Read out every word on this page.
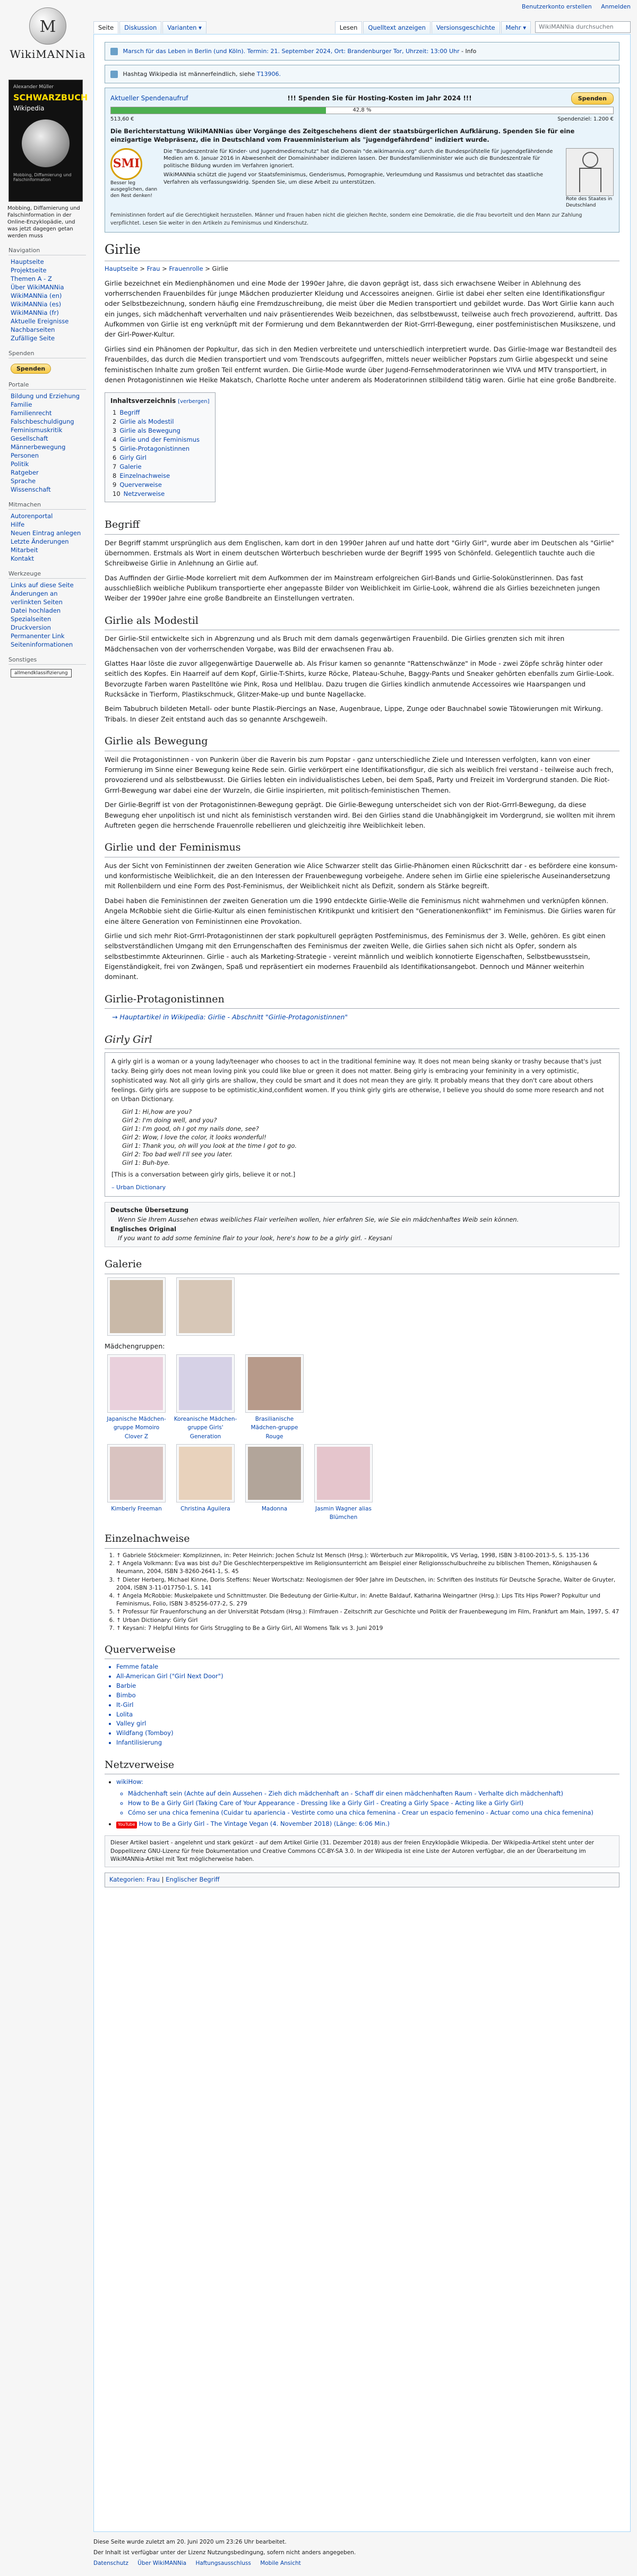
Benutzerkonto erstellen Anmelden
M
WikiMANNia
Alexander Müller
SCHWARZBUCH
Wikipedia
Mobbing, Diffamierung und Falschinformation
Mobbing, Diffamierung und Falschinformation in der Online-Enzyklopädie, und was jetzt dagegen getan werden muss
Navigation
Hauptseite
Projektseite
Themen A - Z
Über WikiMANNia
WikiMANNia (en)
WikiMANNia (es)
WikiMANNia (fr)
Aktuelle Ereignisse
Nachbarseiten
Zufällige Seite
Spenden
Spenden
Portale
Bildung und Erziehung
Familie
Familienrecht
Falschbeschuldigung
Feminismuskritik
Gesellschaft
Männerbewegung
Personen
Politik
Ratgeber
Sprache
Wissenschaft
Mitmachen
Autorenportal
Hilfe
Neuen Eintrag anlegen
Letzte Änderungen
Mitarbeit
Kontakt
Werkzeuge
Links auf diese Seite
Änderungen an verlinkten Seiten
Datei hochladen
Spezialseiten
Druckversion
Permanenter Link
Seiteninformationen
Sonstiges
allmendklassifizierung
Seite	Diskussion	Varianten ▾	Lesen	Quelltext anzeigen	Versionsgeschichte	Mehr ▾	WikiMANNia durchsuchen
Marsch für das Leben in Berlin (und Köln). Termin: 21. September 2024, Ort: Brandenburger Tor, Uhrzeit: 13:00 Uhr - Info
Hashtag Wikipedia ist männerfeindlich, siehe T13906.
Aktueller Spendenaufruf	!!! Spenden Sie für Hosting-Kosten im Jahr 2024 !!!	Spenden
42,8 %
513,60 €	Spendenziel: 1.200 €
Die Berichterstattung WikiMANNias über Vorgänge des Zeitgeschehens dient der staatsbürgerlichen Aufklärung. Spenden Sie für eine einzigartige Webpräsenz, die in Deutschland vom Frauenministerium als "jugendgefährdend" indiziert wurde.
SMI
Besser leg ausgeglichen, dann den Rest denken!
Die "Bundeszentrale für Kinder- und Jugendmedienschutz" hat die Domain "de.wikimannia.org" durch die Bundesprüfstelle für jugendgefährdende Medien am 6. Januar 2016 in Abwesenheit der Domaininhaber indizieren lassen. Der Bundesfamilienminister wie auch die Bundeszentrale für politische Bildung wurden im Verfahren ignoriert.
WikiMANNia schützt die Jugend vor Staatsfeminismus, Genderismus, Pornographie, Verleumdung und Rassismus und betrachtet das staatliche Verfahren als verfassungswidrig. Spenden Sie, um diese Arbeit zu unterstützen.
Rote des Staates in Deutschland
Feministinnen fordert auf die Gerechtigkeit herzustellen. Männer und Frauen haben nicht die gleichen Rechte, sondern eine Demokratie, die die Frau bevorteilt und den Mann zur Zahlung verpflichtet. Lesen Sie weiter in den Artikeln zu Feminismus und Kinderschutz.
Girlie
Hauptseite > Frau > Frauenrolle > Girlie

Girlie bezeichnet ein Medienphänomen und eine Mode der 1990er Jahre, die davon geprägt ist, dass sich erwachsene Weiber in Ablehnung des vorherrschenden Frauenbildes für junge Mädchen produzierter Kleidung und Accessoires aneignen. Girlie ist dabei eher selten eine Identifikationsfigur oder Selbstbezeichnung, sondern häufig eine Fremdzuschreibung, die meist über die Medien transportiert und gebildet wurde. Das Wort Girlie kann auch ein junges, sich mädchenhaft ververhalten und naiv präsentierendes Weib bezeichnen, das selbstbewusst, teilweise auch frech provozierend, auftritt. Das Aufkommen von Girlie ist eng verknüpft mit der Formierung und dem Bekanntwerden der Riot-Grrrl-Bewegung, einer postfeministischen Musikszene, und der Girl-Power-Kultur.

Girlies sind ein Phänomen der Popkultur, das sich in den Medien verbreitete und unterschiedlich interpretiert wurde. Das Girlie-Image war Bestandteil des Frauenbildes, das durch die Medien transportiert und vom Trendscouts aufgegriffen, mittels neuer weiblicher Popstars zum Girlie abgespeckt und seine feministischen Inhalte zum großen Teil entfernt wurden. Die Girlie-Mode wurde über Jugend-Fernsehmoderatorinnen wie VIVA und MTV transportiert, in denen Protagonistinnen wie Heike Makatsch, Charlotte Roche unter anderem als Moderatorinnen stilbildend tätig waren. Girlie hat eine große Bandbreite.

Inhaltsverzeichnis [verbergen]
1 Begriff
2 Girlie als Modestil
3 Girlie als Bewegung
4 Girlie und der Feminismus
5 Girlie-Protagonistinnen
6 Girly Girl
7 Galerie
8 Einzelnachweise
9 Querverweise
10 Netzverweise
Begriff

Der Begriff stammt ursprünglich aus dem Englischen, kam dort in den 1990er Jahren auf und hatte dort "Girly Girl", wurde aber im Deutschen als "Girlie" übernommen. Erstmals als Wort in einem deutschen Wörterbuch beschrieben wurde der Begriff 1995 von Schönfeld. Gelegentlich tauchte auch die Schreibweise Girlie in Anlehnung an Girlie auf.

Das Auffinden der Girlie-Mode korreliert mit dem Aufkommen der im Mainstream erfolgreichen Girl-Bands und Girlie-Solokünstlerinnen. Das fast ausschließlich weibliche Publikum transportierte eher angepasste Bilder von Weiblichkeit im Girlie-Look, während die als Girlies bezeichneten jungen Weiber der 1990er Jahre eine große Bandbreite an Einstellungen vertraten.

Girlie als Modestil

Der Girlie-Stil entwickelte sich in Abgrenzung und als Bruch mit dem damals gegenwärtigen Frauenbild. Die Girlies grenzten sich mit ihren Mädchensachen von der vorherrschenden Vorgabe, was Bild der erwachsenen Frau ab.

Glattes Haar löste die zuvor allgegenwärtige Dauerwelle ab. Als Frisur kamen so genannte "Rattenschwänze" in Mode - zwei Zöpfe schräg hinter oder seitlich des Kopfes. Ein Haarreif auf dem Kopf, Girlie-T-Shirts, kurze Röcke, Plateau-Schuhe, Baggy-Pants und Sneaker gehörten ebenfalls zum Girlie-Look. Bevorzugte Farben waren Pastelltöne wie Pink, Rosa und Hellblau. Dazu trugen die Girlies kindlich anmutende Accessoires wie Haarspangen und Rucksäcke in Tierform, Plastikschmuck, Glitzer-Make-up und bunte Nagellacke.

Beim Tabubruch bildeten Metall- oder bunte Plastik-Piercings an Nase, Augenbraue, Lippe, Zunge oder Bauchnabel sowie Tätowierungen mit Wirkung. Tribals. In dieser Zeit entstand auch das so genannte Arschgeweih.

Girlie als Bewegung

Weil die Protagonistinnen - von Punkerin über die Raverin bis zum Popstar - ganz unterschiedliche Ziele und Interessen verfolgten, kann von einer Formierung im Sinne einer Bewegung keine Rede sein. Girlie verkörpert eine Identifikationsfigur, die sich als weiblich frei verstand - teilweise auch frech, provozierend und als selbstbewusst. Die Girlies lebten ein individualistisches Leben, bei dem Spaß, Party und Freizeit im Vordergrund standen. Die Riot-Grrrl-Bewegung war dabei eine der Wurzeln, die Girlie inspirierten, mit politisch-feministischen Themen.

Der Girlie-Begriff ist von der Protagonistinnen-Bewegung geprägt. Die Girlie-Bewegung unterscheidet sich von der Riot-Grrrl-Bewegung, da diese Bewegung eher unpolitisch ist und nicht als feministisch verstanden wird. Bei den Girlies stand die Unabhängigkeit im Vordergrund, sie wollten mit ihrem Auftreten gegen die herrschende Frauenrolle rebellieren und gleichzeitig ihre Weiblichkeit leben.

Girlie und der Feminismus

Aus der Sicht von Feministinnen der zweiten Generation wie Alice Schwarzer stellt das Girlie-Phänomen einen Rückschritt dar - es befördere eine konsum- und konformistische Weiblichkeit, die an den Interessen der Frauenbewegung vorbeigehe. Andere sehen im Girlie eine spielerische Auseinandersetzung mit Rollenbildern und eine Form des Post-Feminismus, der Weiblichkeit nicht als Defizit, sondern als Stärke begreift.

Dabei haben die Feministinnen der zweiten Generation um die 1990 entdeckte Girlie-Welle die Feminismus nicht wahrnehmen und verknüpfen können. Angela McRobbie sieht die Girlie-Kultur als einen feministischen Kritikpunkt und kritisiert den "Generationenkonflikt" im Feminismus. Die Girlies waren für eine ältere Generation von Feministinnen eine Provokation.

Girlie und sich mehr Riot-Grrrl-Protagonistinnen der stark popkulturell geprägten Postfeminismus, des Feminismus der 3. Welle, gehören. Es gibt einen selbstverständlichen Umgang mit den Errungenschaften des Feminismus der zweiten Welle, die Girlies sahen sich nicht als Opfer, sondern als selbstbestimmte Akteurinnen. Girlie - auch als Marketing-Strategie - vereint männlich und weiblich konnotierte Eigenschaften, Selbstbewusstsein, Eigenständigkeit, frei von Zwängen, Spaß und repräsentiert ein modernes Frauenbild als Identifikationsangebot. Dennoch und Männer weiterhin dominant.

Girlie-Protagonistinnen
→ Hauptartikel in Wikipedia: Girlie - Abschnitt "Girlie-Protagonistinnen"
Girly Girl
A girly girl is a woman or a young lady/teenager who chooses to act in the traditional feminine way. It does not mean being skanky or trashy because that's just tacky. Being girly does not mean loving pink you could like blue or green it does not matter. Being girly is embracing your femininity in a very optimistic, sophisticated way. Not all girly girls are shallow, they could be smart and it does not mean they are girly. It probably means that they don't care about others feelings. Girly girls are suppose to be optimistic,kind,confident women. If you think girly girls are otherwise, I believe you should do some more research and not on Urban Dictionary.
Girl 1: Hi,how are you?
Girl 2: I'm doing well, and you?
Girl 1: I'm good, oh I got my nails done, see?
Girl 2: Wow, I love the color, it looks wonderful!
Girl 1: Thank you, oh will you look at the time I got to go.
Girl 2: Too bad well I'll see you later.
Girl 1: Buh-bye.
[This is a conversation between girly girls, believe it or not.]
– Urban Dictionary
Deutsche Übersetzung
Wenn Sie Ihrem Aussehen etwas weibliches Flair verleihen wollen, hier erfahren Sie, wie Sie ein mädchenhaftes Weib sein können.
Englisches Original
If you want to add some feminine flair to your look, here's how to be a girly girl. - Keysani
Galerie
Mädchengruppen:
Japanische Mädchen-gruppe Momoiro Clover Z
Koreanische Mädchen-gruppe Girls' Generation
Brasilianische Mädchen-gruppe Rouge
Kimberly Freeman	Christina Aguilera	Madonna	Jasmin Wagner alias Blümchen
Einzelnachweise
1. ↑ Gabriele Stöckmeier: Komplizinnen, in: Peter Heinrich: Jochen Schulz Ist Mensch (Hrsg.): Wörterbuch zur Mikropolitik, VS Verlag, 1998, ISBN 3-8100-2013-5, S. 135-136
2. ↑ Angela Volkmann: Eva was bist du? Die Geschlechterperspektive im Religionsunterricht am Beispiel einer Religionsschulbuchreihe zu biblischen Themen, Königshausen & Neumann, 2004, ISBN 3-8260-2641-1, S. 45
3. ↑ Dieter Herberg, Michael Kinne, Doris Steffens: Neuer Wortschatz: Neologismen der 90er Jahre im Deutschen, in: Schriften des Instituts für Deutsche Sprache, Walter de Gruyter, 2004, ISBN 3-11-017750-1, S. 141
4. ↑ Angela McRobbie: Muskelpakete und Schnittmuster. Die Bedeutung der Girlie-Kultur, in: Anette Baldauf, Katharina Weingartner (Hrsg.): Lips Tits Hips Power? Popkultur und Feminismus, Folio, ISBN 3-85256-077-2, S. 279
5. ↑ Professur für Frauenforschung an der Universität Potsdam (Hrsg.): Filmfrauen - Zeitschrift zur Geschichte und Politik der Frauenbewegung im Film, Frankfurt am Main, 1997, S. 47
6. ↑ Urban Dictionary: Girly Girl
7. ↑ Keysani: 7 Helpful Hints for Girls Struggling to Be a Girly Girl, All Womens Talk vs 3. Juni 2019
Querverweise
• Femme fatale
• All-American Girl ("Girl Next Door")
• Barbie
• Bimbo
• It-Girl
• Lolita
• Valley girl
• Wildfang (Tomboy)
• Infantilisierung
Netzverweise
• wikiHow:
◦ Mädchenhaft sein (Achte auf dein Aussehen - Zieh dich mädchenhaft an - Schaff dir einen mädchenhaften Raum - Verhalte dich mädchenhaft)
◦ How to Be a Girly Girl (Taking Care of Your Appearance - Dressing like a Girly Girl - Creating a Girly Space - Acting like a Girly Girl)
◦ Cómo ser una chica femenina (Cuidar tu apariencia - Vestirte como una chica femenina - Crear un espacio femenino - Actuar como una chica femenina)
• YouTube How to Be a Girly Girl - The Vintage Vegan (4. November 2018) (Länge: 6:06 Min.)
Dieser Artikel basiert - angelehnt und stark gekürzt - auf dem Artikel Girlie (31. Dezember 2018) aus der freien Enzyklopädie Wikipedia. Der Wikipedia-Artikel steht unter der Doppellizenz GNU-Lizenz für freie Dokumentation und Creative Commons CC-BY-SA 3.0. In der Wikipedia ist eine Liste der Autoren verfügbar, die an der Überarbeitung im WikiMANNia-Artikel mit Text möglicherweise haben.
Kategorien: Frau | Englischer Begriff
Diese Seite wurde zuletzt am 20. Juni 2020 um 23:26 Uhr bearbeitet.
Der Inhalt ist verfügbar unter der Lizenz Nutzungsbedingung, sofern nicht anders angegeben.
Datenschutz Über WikiMANNia Haftungsausschluss Mobile Ansicht
